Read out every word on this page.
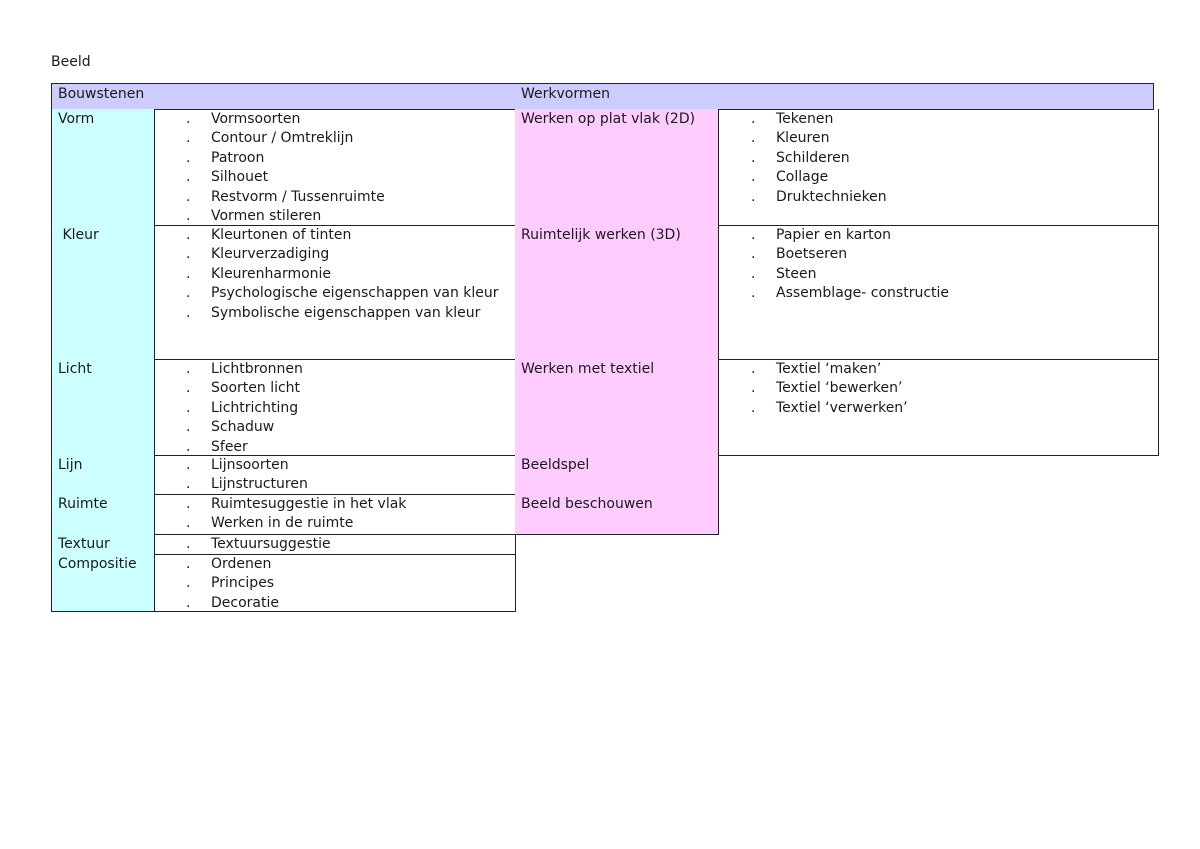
Beeld
Bouwstenen	Werkvormen
Vorm
Kleur
Licht
Lijn
Ruimte
Textuur
Compositie
. Vormsoorten
. Contour / Omtreklijn
. Patroon
. Silhouet
. Restvorm / Tussenruimte
. Vormen stileren
. Kleurtonen of tinten
. Kleurverzadiging
. Kleurenharmonie
. Psychologische eigenschappen van kleur
. Symbolische eigenschappen van kleur
. Lichtbronnen
. Soorten licht
. Lichtrichting
. Schaduw
. Sfeer
. Lijnsoorten
. Lijnstructuren
. Ruimtesuggestie in het vlak
. Werken in de ruimte
. Textuursuggestie
. Ordenen
. Principes
. Decoratie
Werken op plat vlak (2D)
Ruimtelijk werken (3D)
Werken met textiel
Beeldspel
Beeld beschouwen
. Tekenen
. Kleuren
. Schilderen
. Collage
. Druktechnieken
. Papier en karton
. Boetseren
. Steen
. Assemblage- constructie
. Textiel ‘maken’
. Textiel ‘bewerken’
. Textiel ‘verwerken’
